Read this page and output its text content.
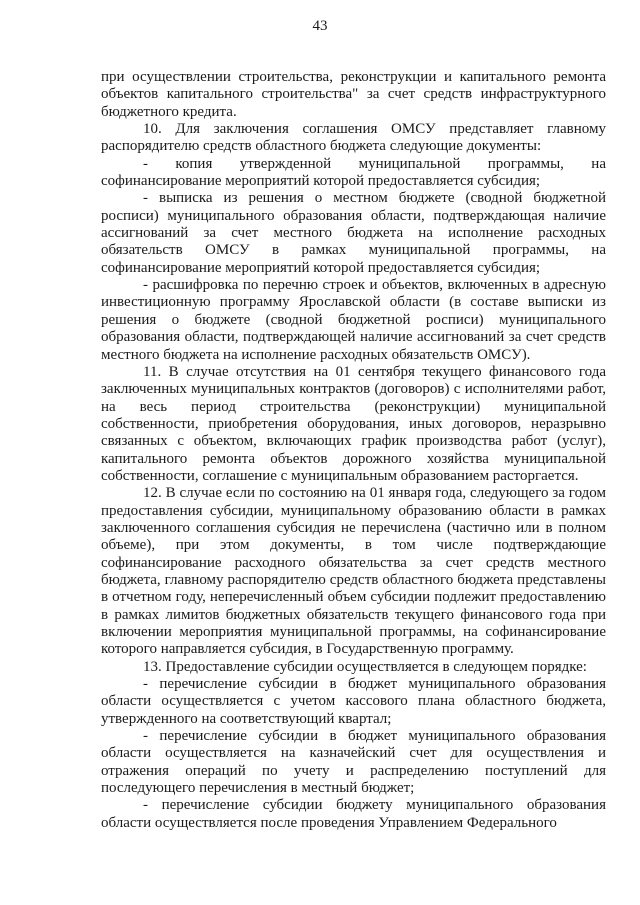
43

при осуществлении строительства, реконструкции и капитального ремонта объектов капитального строительства" за счет средств инфраструктурного бюджетного кредита.

10. Для заключения соглашения ОМСУ представляет главному распорядителю средств областного бюджета следующие документы:

- копия утвержденной муниципальной программы, на софинансирование мероприятий которой предоставляется субсидия;

- выписка из решения о местном бюджете (сводной бюджетной росписи) муниципального образования области, подтверждающая наличие ассигнований за счет местного бюджета на исполнение расходных обязательств ОМСУ в рамках муниципальной программы, на софинансирование мероприятий которой предоставляется субсидия;

- расшифровка по перечню строек и объектов, включенных в адресную инвестиционную программу Ярославской области (в составе выписки из решения о бюджете (сводной бюджетной росписи) муниципального образования области, подтверждающей наличие ассигнований за счет средств местного бюджета на исполнение расходных обязательств ОМСУ).

11. В случае отсутствия на 01 сентября текущего финансового года заключенных муниципальных контрактов (договоров) с исполнителями работ, на весь период строительства (реконструкции) муниципальной собственности, приобретения оборудования, иных договоров, неразрывно связанных с объектом, включающих график производства работ (услуг), капитального ремонта объектов дорожного хозяйства муниципальной собственности, соглашение с муниципальным образованием расторгается.

12. В случае если по состоянию на 01 января года, следующего за годом предоставления субсидии, муниципальному образованию области в рамках заключенного соглашения субсидия не перечислена (частично или в полном объеме), при этом документы, в том числе подтверждающие софинансирование расходного обязательства за счет средств местного бюджета, главному распорядителю средств областного бюджета представлены в отчетном году, неперечисленный объем субсидии подлежит предоставлению в рамках лимитов бюджетных обязательств текущего финансового года при включении мероприятия муниципальной программы, на софинансирование которого направляется субсидия, в Государственную программу.

13. Предоставление субсидии осуществляется в следующем порядке:

- перечисление субсидии в бюджет муниципального образования области осуществляется с учетом кассового плана областного бюджета, утвержденного на соответствующий квартал;

- перечисление субсидии в бюджет муниципального образования области осуществляется на казначейский счет для осуществления и отражения операций по учету и распределению поступлений для последующего перечисления в местный бюджет;

- перечисление субсидии бюджету муниципального образования области осуществляется после проведения Управлением Федерального
